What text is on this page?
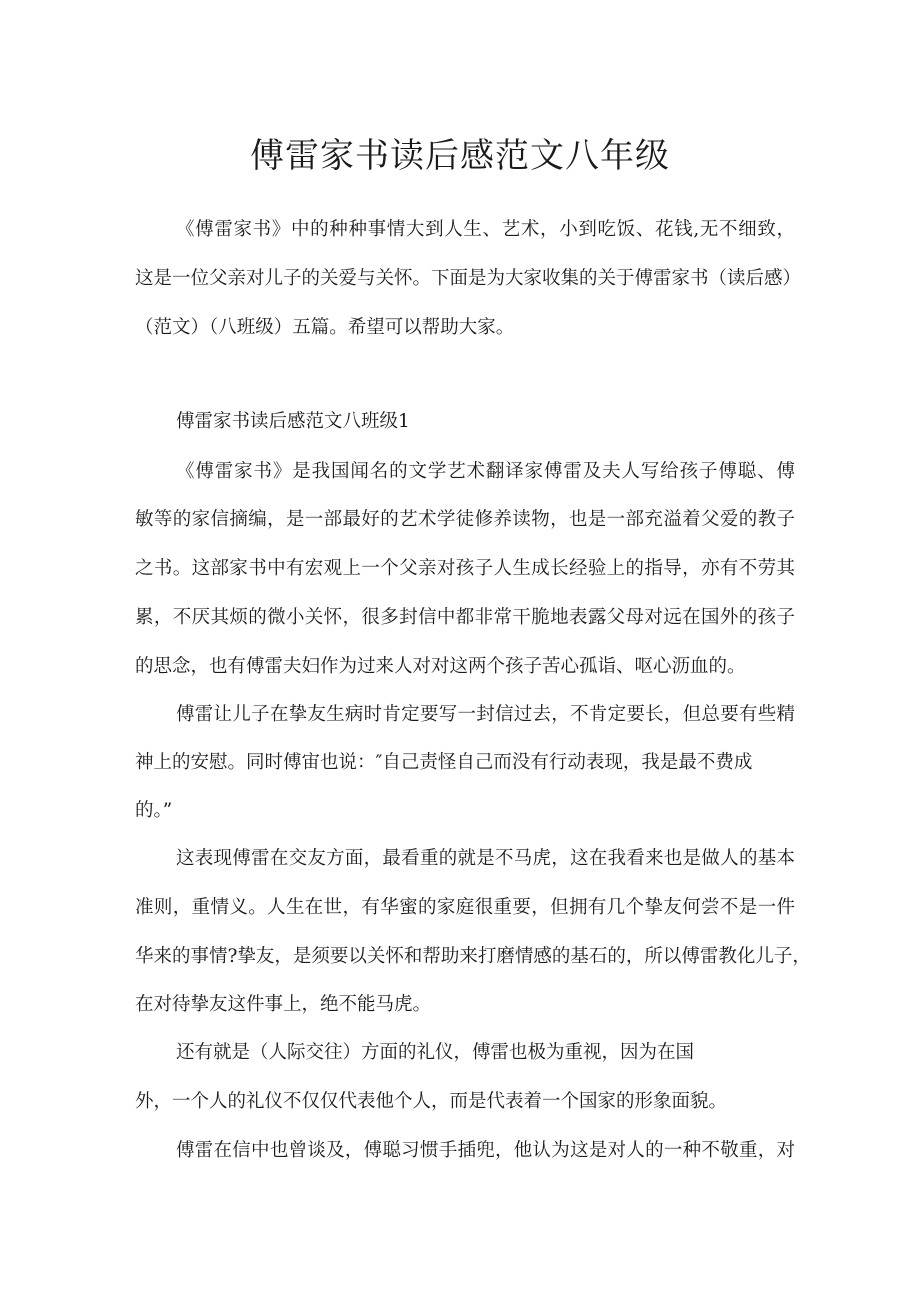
傅雷家书读后感范文八年级

《傅雷家书》中的种种事情大到人生、艺术，小到吃饭、花钱,无不细致，

这是一位父亲对儿子的关爱与关怀。下面是为大家收集的关于傅雷家书（读后感）

（范文）（八班级）五篇。希望可以帮助大家。

傅雷家书读后感范文八班级1

《傅雷家书》是我国闻名的文学艺术翻译家傅雷及夫人写给孩子傅聪、傅

敏等的家信摘编，是一部最好的艺术学徒修养读物，也是一部充溢着父爱的教子

之书。这部家书中有宏观上一个父亲对孩子人生成长经验上的指导，亦有不劳其

累，不厌其烦的微小关怀，很多封信中都非常干脆地表露父母对远在国外的孩子

的思念，也有傅雷夫妇作为过来人对对这两个孩子苦心孤诣、呕心沥血的。

傅雷让儿子在挚友生病时肯定要写一封信过去，不肯定要长，但总要有些精

神上的安慰。同时傅宙也说：″自己责怪自己而没有行动表现，我是最不费成

的。”

这表现傅雷在交友方面，最看重的就是不马虎，这在我看来也是做人的基本

准则，重情义。人生在世，有华蜜的家庭很重要，但拥有几个挚友何尝不是一件

华来的事情?挚友，是须要以关怀和帮助来打磨情感的基石的，所以傅雷教化儿子，

在对待挚友这件事上，绝不能马虎。

还有就是（人际交往）方面的礼仪，傅雷也极为重视，因为在国

外，一个人的礼仪不仅仅代表他个人，而是代表着一个国家的形象面貌。

傅雷在信中也曾谈及，傅聪习惯手插兜，他认为这是对人的一种不敬重，对
